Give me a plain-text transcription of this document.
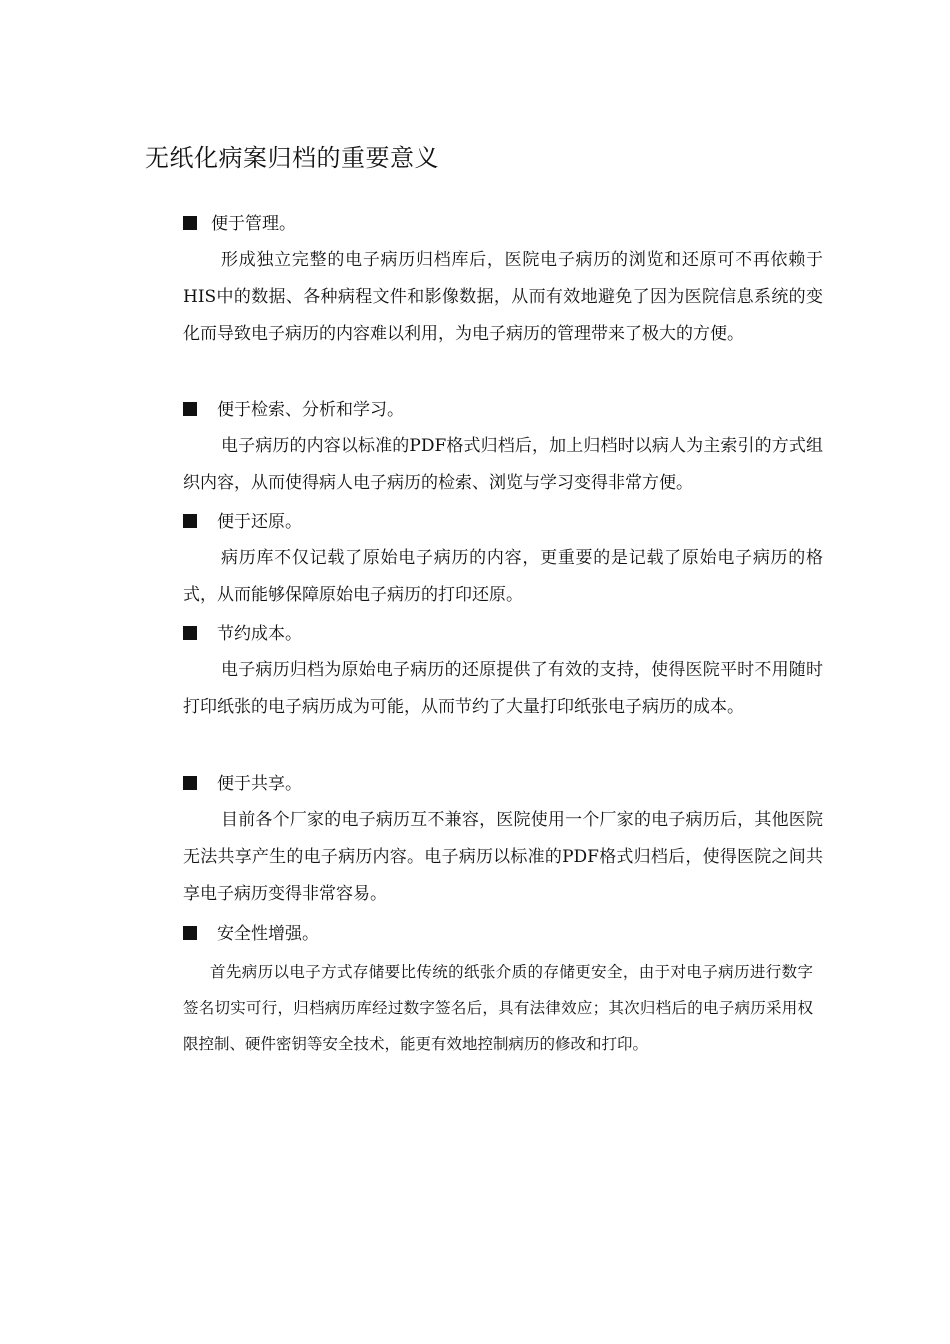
无纸化病案归档的重要意义
便于管理。
形成独立完整的电子病历归档库后，医院电子病历的浏览和还原可不再依赖于HIS中的数据、各种病程文件和影像数据，从而有效地避免了因为医院信息系统的变化而导致电子病历的内容难以利用，为电子病历的管理带来了极大的方便。
便于检索、分析和学习。
电子病历的内容以标准的PDF格式归档后，加上归档时以病人为主索引的方式组织内容，从而使得病人电子病历的检索、浏览与学习变得非常方便。
便于还原。
病历库不仅记载了原始电子病历的内容，更重要的是记载了原始电子病历的格式，从而能够保障原始电子病历的打印还原。
节约成本。
电子病历归档为原始电子病历的还原提供了有效的支持，使得医院平时不用随时打印纸张的电子病历成为可能，从而节约了大量打印纸张电子病历的成本。
便于共享。
目前各个厂家的电子病历互不兼容，医院使用一个厂家的电子病历后，其他医院无法共享产生的电子病历内容。电子病历以标准的PDF格式归档后，使得医院之间共享电子病历变得非常容易。
安全性增强。
首先病历以电子方式存储要比传统的纸张介质的存储更安全，由于对电子病历进行数字签名切实可行，归档病历库经过数字签名后，具有法律效应；其次归档后的电子病历采用权限控制、硬件密钥等安全技术，能更有效地控制病历的修改和打印。
